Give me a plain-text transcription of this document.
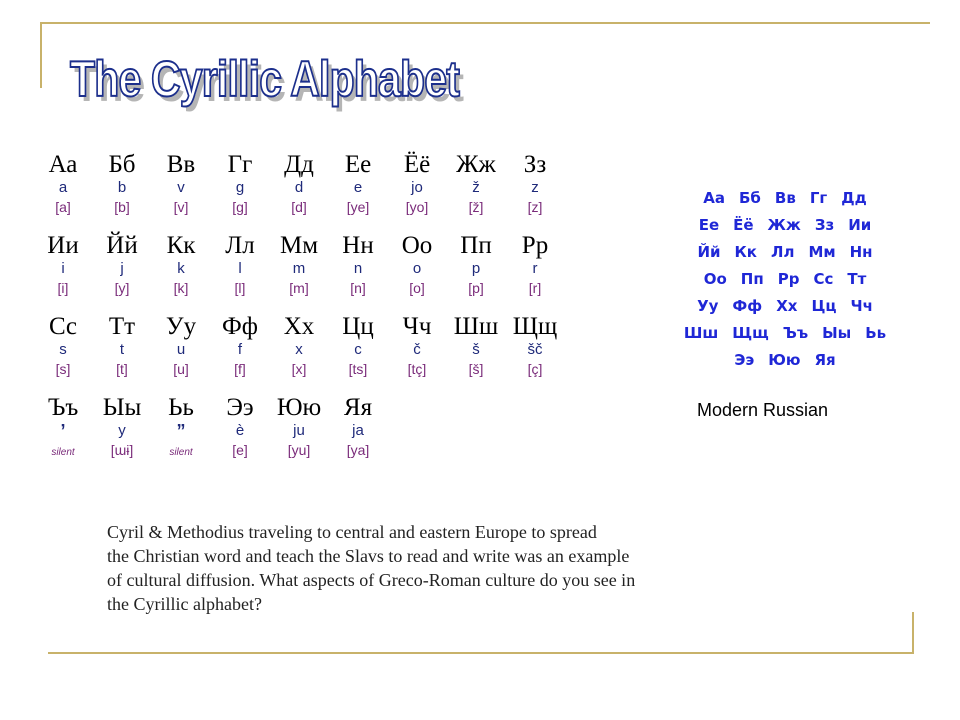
The Cyrillic Alphabet
Аа
a
[a]
Бб
b
[b]
Вв
v
[v]
Гг
g
[g]
Дд
d
[d]
Ее
e
[ye]
Ёё
jo
[yo]
Жж
ž
[ž]
Зз
z
[z]
Ии
i
[i]
Йй
j
[y]
Кк
k
[k]
Лл
l
[l]
Мм
m
[m]
Нн
n
[n]
Оо
o
[o]
Пп
p
[p]
Рр
r
[r]
Сс
s
[s]
Тт
t
[t]
Уу
u
[u]
Фф
f
[f]
Хх
x
[x]
Цц
c
[ts]
Чч
č
[tç]
Шш
š
[š]
Щщ
šč
[ç]
Ъъ
’
silent
Ыы
y
[ɯɨ]
Ьь
”
silent
Ээ
è
[e]
Юю
ju
[yu]
Яя
ja
[ya]
Аа Бб Вв Гг Дд
Ее Ёё Жж Зз Ии
Йй Кк Лл Мм Нн
Оо Пп Рр Сс Тт
Уу Фф Хх Цц Чч
Шш Щщ Ъъ Ыы Ьь
Ээ Юю Яя
Modern Russian
Cyril & Methodius traveling to central and eastern Europe to spread
the Christian word and teach the Slavs to read and write was an example
of cultural diffusion. What aspects of Greco-Roman culture do you see in
the Cyrillic alphabet?
